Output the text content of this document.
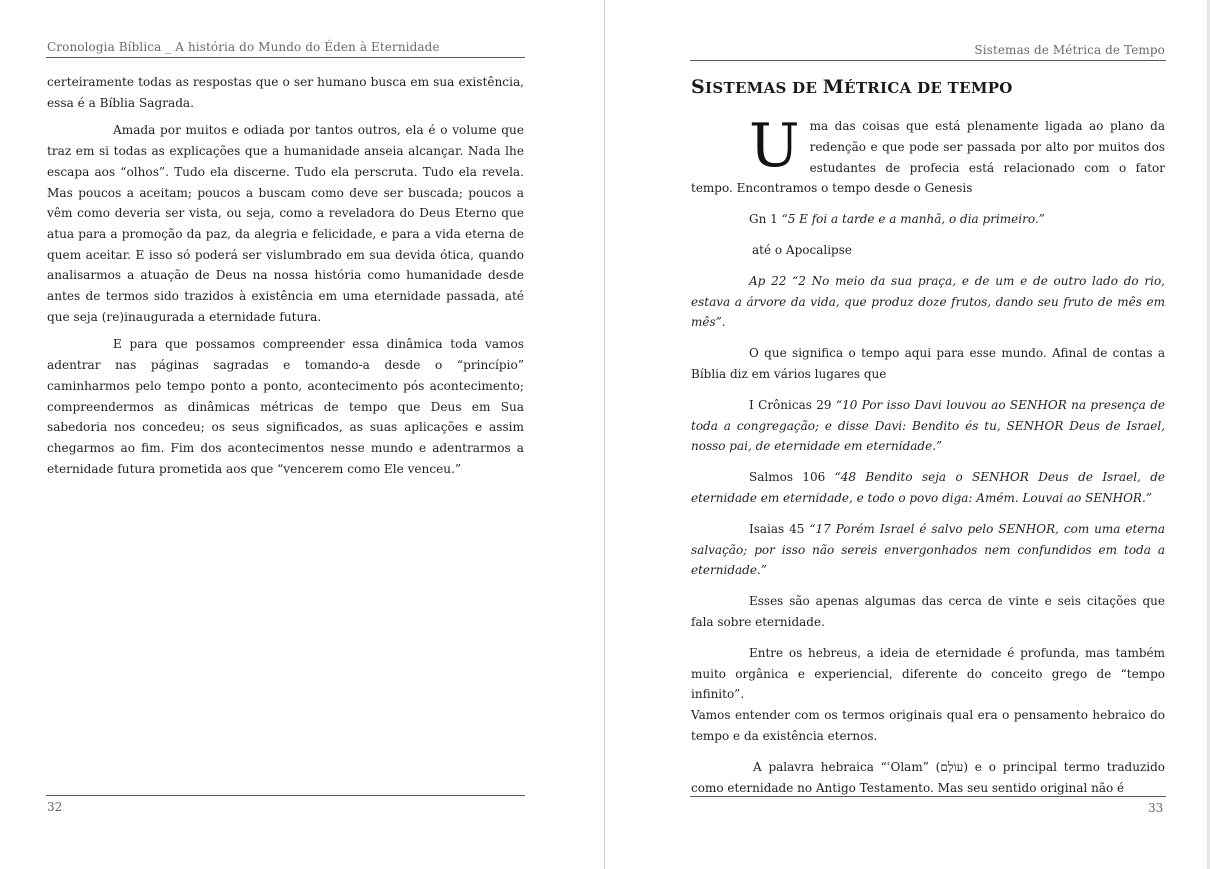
Cronologia Bíblica _ A história do Mundo do Éden à Eternidade

certeiramente todas as respostas que o ser humano busca em sua existência, essa é a Bíblia Sagrada.

Amada por muitos e odiada por tantos outros, ela é o volume que traz em si todas as explicações que a humanidade anseia alcançar. Nada lhe escapa aos “olhos”. Tudo ela discerne. Tudo ela perscruta. Tudo ela revela. Mas poucos a aceitam; poucos a buscam como deve ser buscada; poucos a vêm como deveria ser vista, ou seja, como a reveladora do Deus Eterno que atua para a promoção da paz, da alegria e felicidade, e para a vida eterna de quem aceitar. E isso só poderá ser vislumbrado em sua devida ótica, quando analisarmos a atuação de Deus na nossa história como humanidade desde antes de termos sido trazidos à existência em uma eternidade passada, até que seja (re)inaugurada a eternidade futura.

E para que possamos compreender essa dinâmica toda vamos adentrar nas páginas sagradas e tomando-a desde o “princípio” caminharmos pelo tempo ponto a ponto, acontecimento pós acontecimento; compreendermos as dinâmicas métricas de tempo que Deus em Sua sabedoria nos concedeu; os seus significados, as suas aplicações e assim chegarmos ao fim. Fim dos acontecimentos nesse mundo e adentrarmos a eternidade futura prometida aos que “vencerem como Ele venceu.”

32
Sistemas de Métrica de Tempo
SISTEMAS DE MÉTRICA DE TEMPO

U ma das coisas que está plenamente ligada ao plano da redenção e que pode ser passada por alto por muitos dos estudantes de profecia está relacionado com o fator tempo. Encontramos o tempo desde o Genesis

Gn 1 “5 E foi a tarde e a manhã, o dia primeiro.”

até o Apocalipse

Ap 22 “2 No meio da sua praça, e de um e de outro lado do rio, estava a árvore da vida, que produz doze frutos, dando seu fruto de mês em mês”.

O que significa o tempo aqui para esse mundo. Afinal de contas a Bíblia diz em vários lugares que

I Crônicas 29 “10 Por isso Davi louvou ao SENHOR na presença de toda a congregação; e disse Davi: Bendito és tu, SENHOR Deus de Israel, nosso pai, de eternidade em eternidade.”

Salmos 106 “48 Bendito seja o SENHOR Deus de Israel, de eternidade em eternidade, e todo o povo diga: Amém. Louvai ao SENHOR.”

Isaias 45 “17 Porém Israel é salvo pelo SENHOR, com uma eterna salvação; por isso não sereis envergonhados nem confundidos em toda a eternidade.”

Esses são apenas algumas das cerca de vinte e seis citações que fala sobre eternidade.

Entre os hebreus, a ideia de eternidade é profunda, mas também muito orgânica e experiencial, diferente do conceito grego de “tempo infinito”.

Vamos entender com os termos originais qual era o pensamento hebraico do tempo e da existência eternos.

A palavra hebraica “ʿOlam” (עוֹלָם) e o principal termo traduzido como eternidade no Antigo Testamento. Mas seu sentido original não é

33
